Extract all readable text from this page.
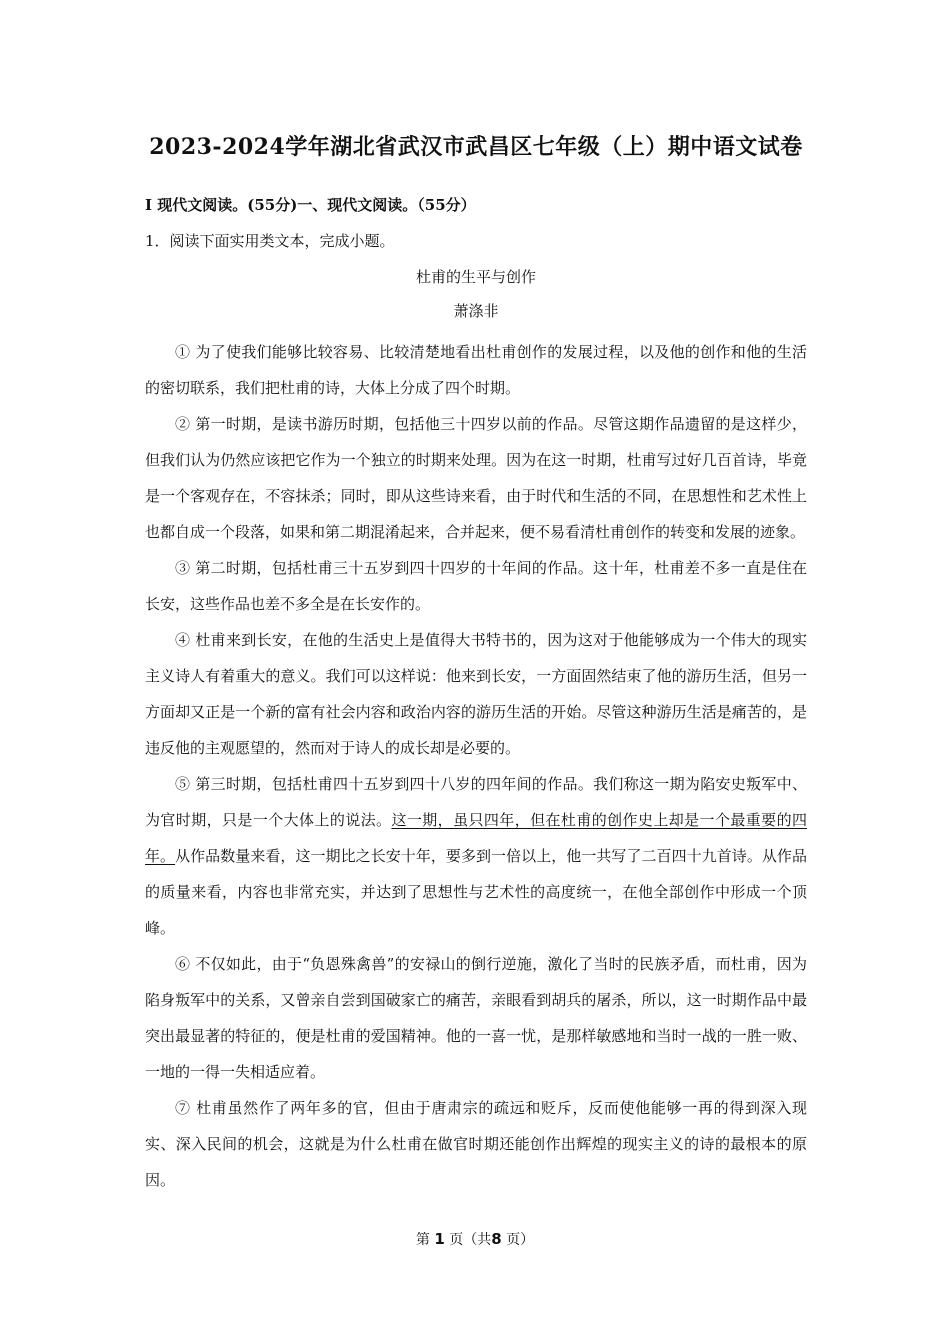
2023-2024学年湖北省武汉市武昌区七年级（上）期中语文试卷
Ⅰ 现代文阅读。(55分)一、现代文阅读。（55分）
1．阅读下面实用类文本，完成小题。
杜甫的生平与创作
萧涤非

① 为了使我们能够比较容易、比较清楚地看出杜甫创作的发展过程，以及他的创作和他的生活的密切联系，我们把杜甫的诗，大体上分成了四个时期。

② 第一时期，是读书游历时期，包括他三十四岁以前的作品。尽管这期作品遗留的是这样少，但我们认为仍然应该把它作为一个独立的时期来处理。因为在这一时期，杜甫写过好几百首诗，毕竟是一个客观存在，不容抹杀；同时，即从这些诗来看，由于时代和生活的不同，在思想性和艺术性上也都自成一个段落，如果和第二期混淆起来，合并起来，便不易看清杜甫创作的转变和发展的迹象。

③ 第二时期，包括杜甫三十五岁到四十四岁的十年间的作品。这十年，杜甫差不多一直是住在长安，这些作品也差不多全是在长安作的。

④ 杜甫来到长安，在他的生活史上是值得大书特书的，因为这对于他能够成为一个伟大的现实主义诗人有着重大的意义。我们可以这样说：他来到长安，一方面固然结束了他的游历生活，但另一方面却又正是一个新的富有社会内容和政治内容的游历生活的开始。尽管这种游历生活是痛苦的，是违反他的主观愿望的，然而对于诗人的成长却是必要的。

⑤ 第三时期，包括杜甫四十五岁到四十八岁的四年间的作品。我们称这一期为陷安史叛军中、为官时期，只是一个大体上的说法。这一期，虽只四年，但在杜甫的创作史上却是一个最重要的四年。从作品数量来看，这一期比之长安十年，要多到一倍以上，他一共写了二百四十九首诗。从作品的质量来看，内容也非常充实，并达到了思想性与艺术性的高度统一，在他全部创作中形成一个顶峰。

⑥ 不仅如此，由于“负恩殊禽兽”的安禄山的倒行逆施，激化了当时的民族矛盾，而杜甫，因为陷身叛军中的关系，又曾亲自尝到国破家亡的痛苦，亲眼看到胡兵的屠杀，所以，这一时期作品中最突出最显著的特征的，便是杜甫的爱国精神。他的一喜一忧，是那样敏感地和当时一战的一胜一败、一地的一得一失相适应着。

⑦ 杜甫虽然作了两年多的官，但由于唐肃宗的疏远和贬斥，反而使他能够一再的得到深入现实、深入民间的机会，这就是为什么杜甫在做官时期还能创作出辉煌的现实主义的诗的最根本的原因。

第 1 页（共8 页）
